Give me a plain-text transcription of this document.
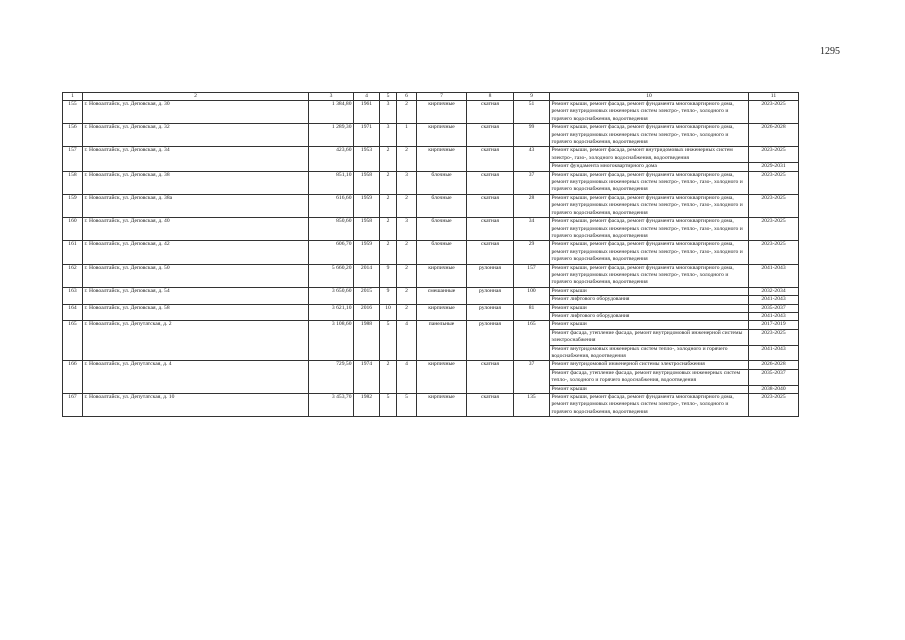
1295
1	2	3	4	5	6	7	8	9	10	11
155	г. Новоалтайск, ул. Деповская, д. 30	1 384,80	1961	3	2	кирпичные	скатная	51	Ремонт крыши, ремонт фасада, ремонт фундамента многоквартирного дома, ремонт внутридомовых инженерных систем электро-, тепло-, холодного и горячего водоснабжения, водоотведения	2023-2025
156	г. Новоалтайск, ул. Деповская, д. 32	1 289,30	1971	3	1	кирпичные	скатная	99	Ремонт крыши, ремонт фасада, ремонт фундамента многоквартирного дома, ремонт внутридомовых инженерных систем электро-, тепло-, холодного и горячего водоснабжения, водоотведения	2026-2028
157	г. Новоалтайск, ул. Деповская, д. 34	423,60	1953	2	2	кирпичные	скатная	43	Ремонт крыши, ремонт фасада, ремонт внутридомовых инженерных систем электро-, газо-, холодного водоснабжения, водоотведения	2023-2025
									Ремонт фундамента многоквартирного дома	2029-2031
158	г. Новоалтайск, ул. Деповская, д. 38	851,10	1958	2	3	блочные	скатная	37	Ремонт крыши, ремонт фасада, ремонт фундамента многоквартирного дома, ремонт внутридомовых инженерных систем электро-, тепло-, газо-, холодного и горячего водоснабжения, водоотведения	2023-2025
159	г. Новоалтайск, ул. Деповская, д. 38а	616,60	1959	2	2	блочные	скатная	28	Ремонт крыши, ремонт фасада, ремонт фундамента многоквартирного дома, ремонт внутридомовых инженерных систем электро-, тепло-, газо-, холодного и горячего водоснабжения, водоотведения	2023-2025
160	г. Новоалтайск, ул. Деповская, д. 40	850,60	1958	2	3	блочные	скатная	34	Ремонт крыши, ремонт фасада, ремонт фундамента многоквартирного дома, ремонт внутридомовых инженерных систем электро-, тепло-, газо-, холодного и горячего водоснабжения, водоотведения	2023-2025
161	г. Новоалтайск, ул. Деповская, д. 42	606,70	1959	2	2	блочные	скатная	29	Ремонт крыши, ремонт фасада, ремонт фундамента многоквартирного дома, ремонт внутридомовых инженерных систем электро-, тепло-, газо-, холодного и горячего водоснабжения, водоотведения	2023-2025
162	г. Новоалтайск, ул. Деповская, д. 50	5 660,20	2014	9	2	кирпичные	рулонная	157	Ремонт крыши, ремонт фасада, ремонт фундамента многоквартирного дома, ремонт внутридомовых инженерных систем электро-, тепло-, холодного и горячего водоснабжения, водоотведения	2041-2043
163	г. Новоалтайск, ул. Деповская, д. 54	3 650,60	2015	9	2	смешанные	рулонная	100	Ремонт крыши	2032-2034
									Ремонт лифтового оборудования	2041-2043
164	г. Новоалтайск, ул. Деповская, д. 58	3 621,10	2016	10	2	кирпичные	рулонная	81	Ремонт крыши	2035-2037
									Ремонт лифтового оборудования	2041-2043
165	г. Новоалтайск, ул. Депутатская, д. 2	3 108,60	1988	5	4	панельные	рулонная	165	Ремонт крыши	2017-2019
									Ремонт фасада, утепление фасада, ремонт внутридомовой инженерной системы электроснабжения	2023-2025
									Ремонт внутридомовых инженерных систем тепло-, холодного и горячего водоснабжения, водоотведения	2041-2043
166	г. Новоалтайск, ул. Депутатская, д. 4	729,50	1974	2	4	кирпичные	скатная	37	Ремонт внутридомовой инженерной системы электроснабжения	2026-2028
									Ремонт фасада, утепление фасада, ремонт внутридомовых инженерных систем тепло-, холодного и горячего водоснабжения, водоотведения	2035-2037
									Ремонт крыши	2038-2040
167	г. Новоалтайск, ул. Депутатская, д. 10	3 453,70	1982	5	5	кирпичные	скатная	135	Ремонт крыши, ремонт фасада, ремонт фундамента многоквартирного дома, ремонт внутридомовых инженерных систем электро-, тепло-, холодного и горячего водоснабжения, водоотведения	2023-2025
